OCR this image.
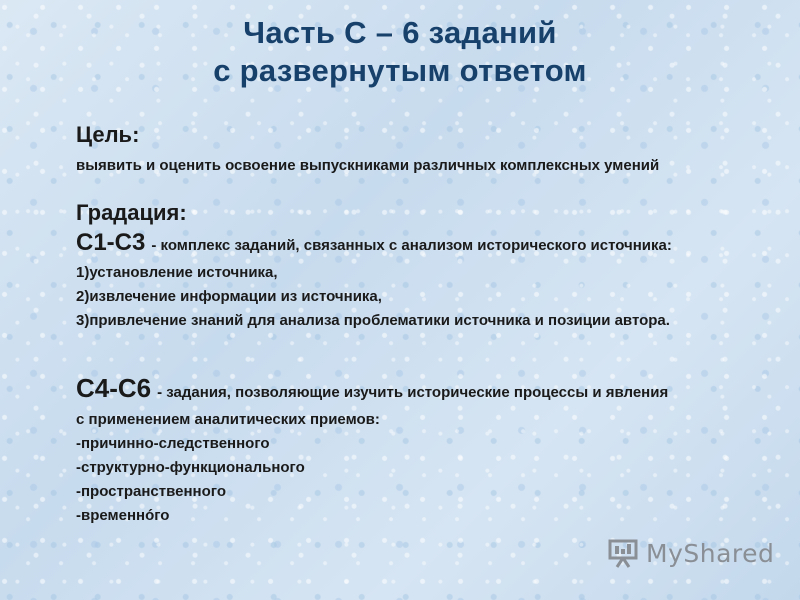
Часть С – 6 заданий
с развернутым ответом

Цель:

выявить и оценить освоение выпускниками различных комплексных умений

Градация:

С1-С3 - комплекс заданий, связанных с анализом исторического источника:

1)установление источника,

2)извлечение информации из источника,

3)привлечение знаний для анализа проблематики источника и позиции автора.

С4-С6 - задания, позволяющие изучить исторические процессы и явления

с применением аналитических приемов:

-причинно-следственного

-структурно-функционального

-пространственного

-временнóго

MyShared
